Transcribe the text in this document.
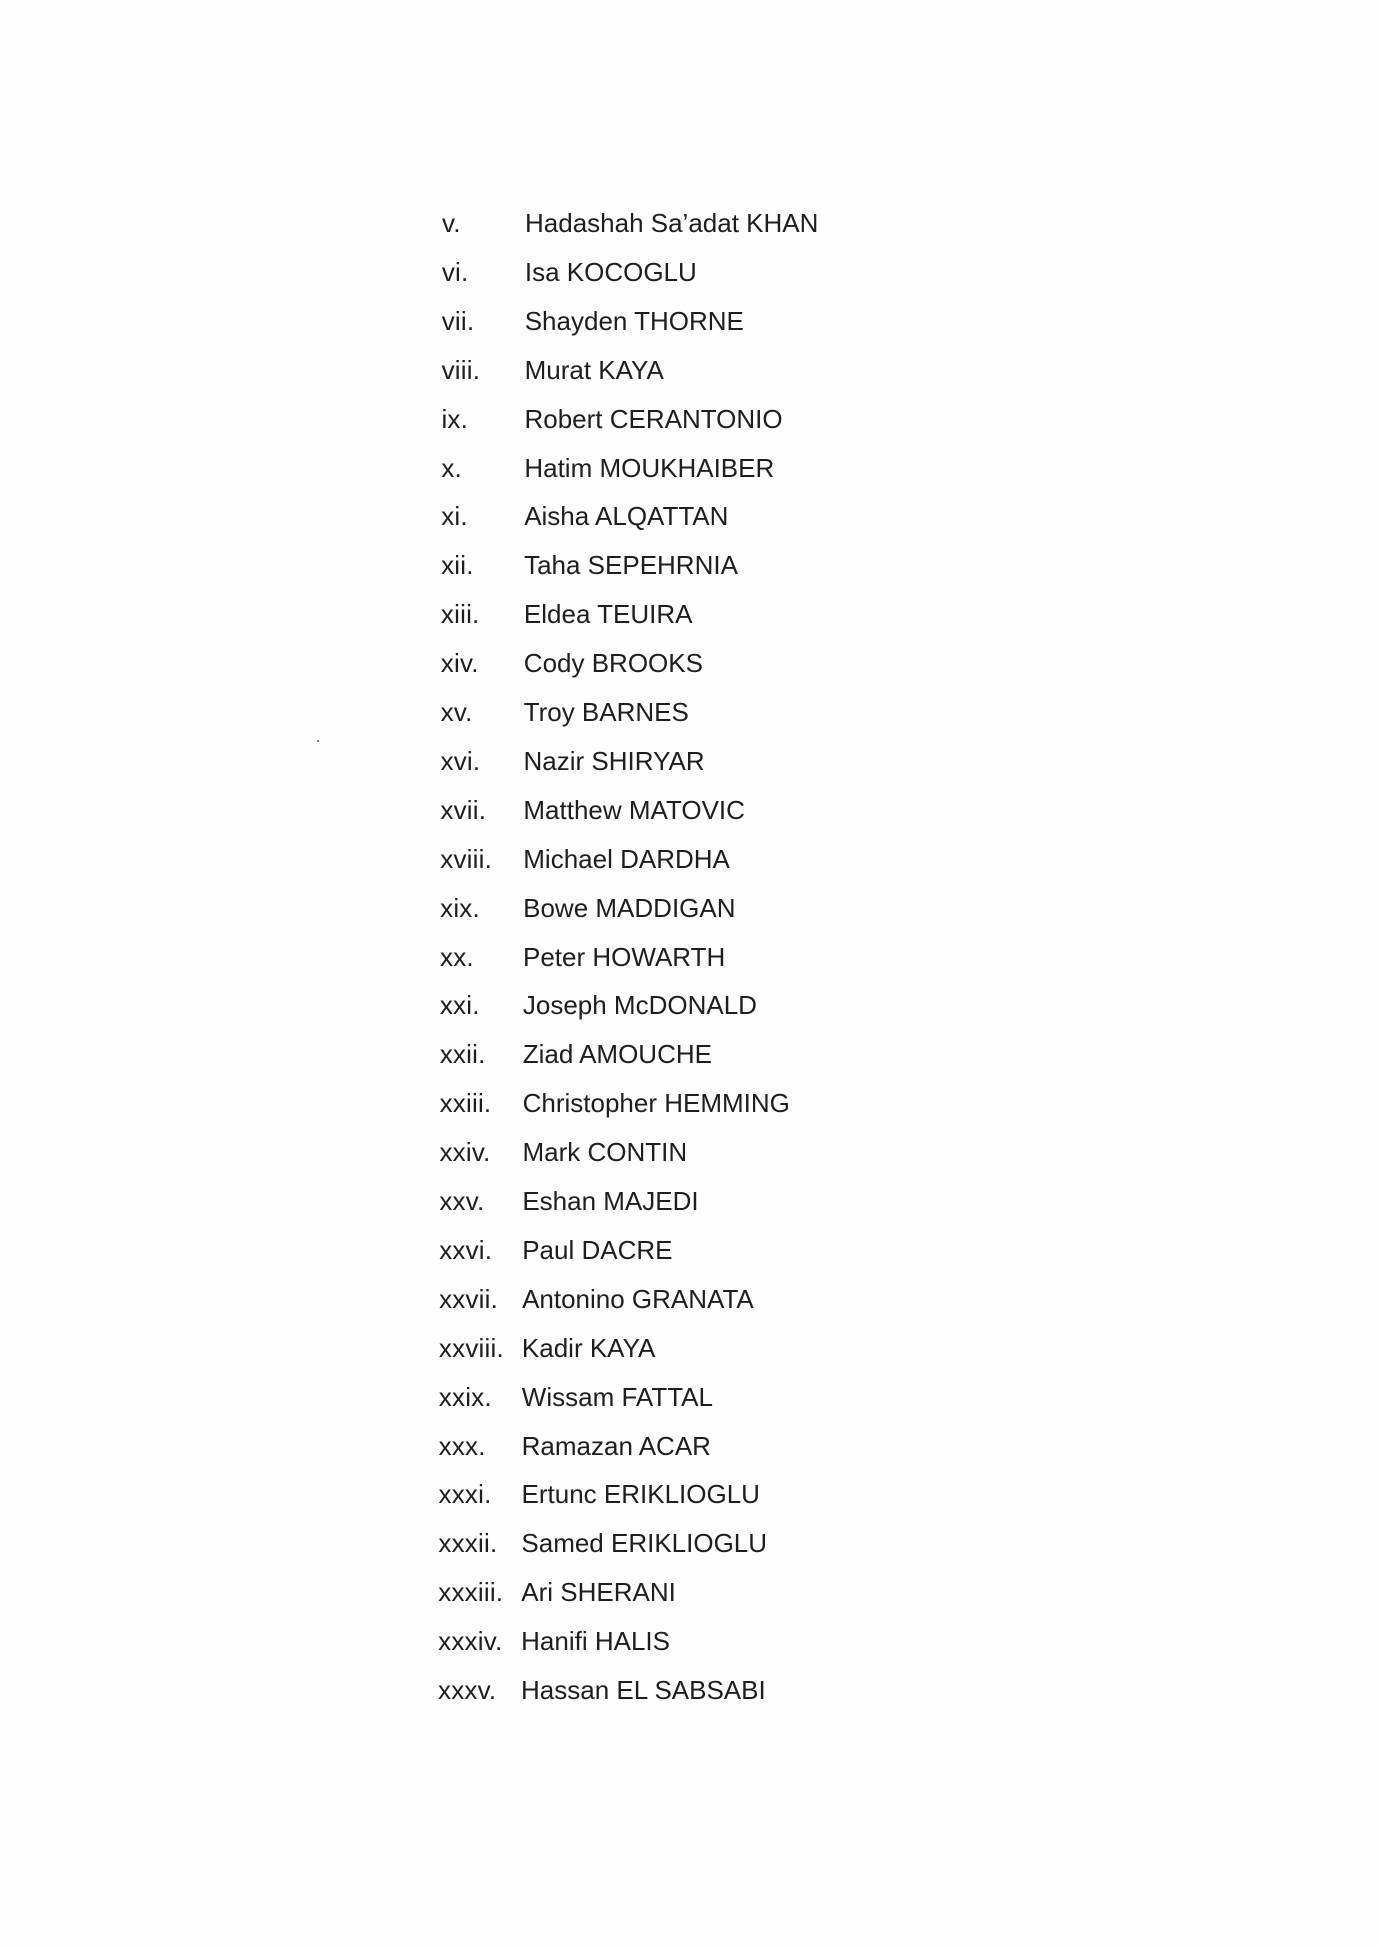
v. Hadashah Sa’adat KHAN
vi. Isa KOCOGLU
vii. Shayden THORNE
viii. Murat KAYA
ix. Robert CERANTONIO
x. Hatim MOUKHAIBER
xi. Aisha ALQATTAN
xii. Taha SEPEHRNIA
xiii. Eldea TEUIRA
xiv. Cody BROOKS
xv. Troy BARNES
xvi. Nazir SHIRYAR
xvii. Matthew MATOVIC
xviii. Michael DARDHA
xix. Bowe MADDIGAN
xx. Peter HOWARTH
xxi. Joseph McDONALD
xxii. Ziad AMOUCHE
xxiii. Christopher HEMMING
xxiv. Mark CONTIN
xxv. Eshan MAJEDI
xxvi. Paul DACRE
xxvii. Antonino GRANATA
xxviii. Kadir KAYA
xxix. Wissam FATTAL
xxx. Ramazan ACAR
xxxi. Ertunc ERIKLIOGLU
xxxii. Samed ERIKLIOGLU
xxxiii. Ari SHERANI
xxxiv. Hanifi HALIS
xxxv. Hassan EL SABSABI
